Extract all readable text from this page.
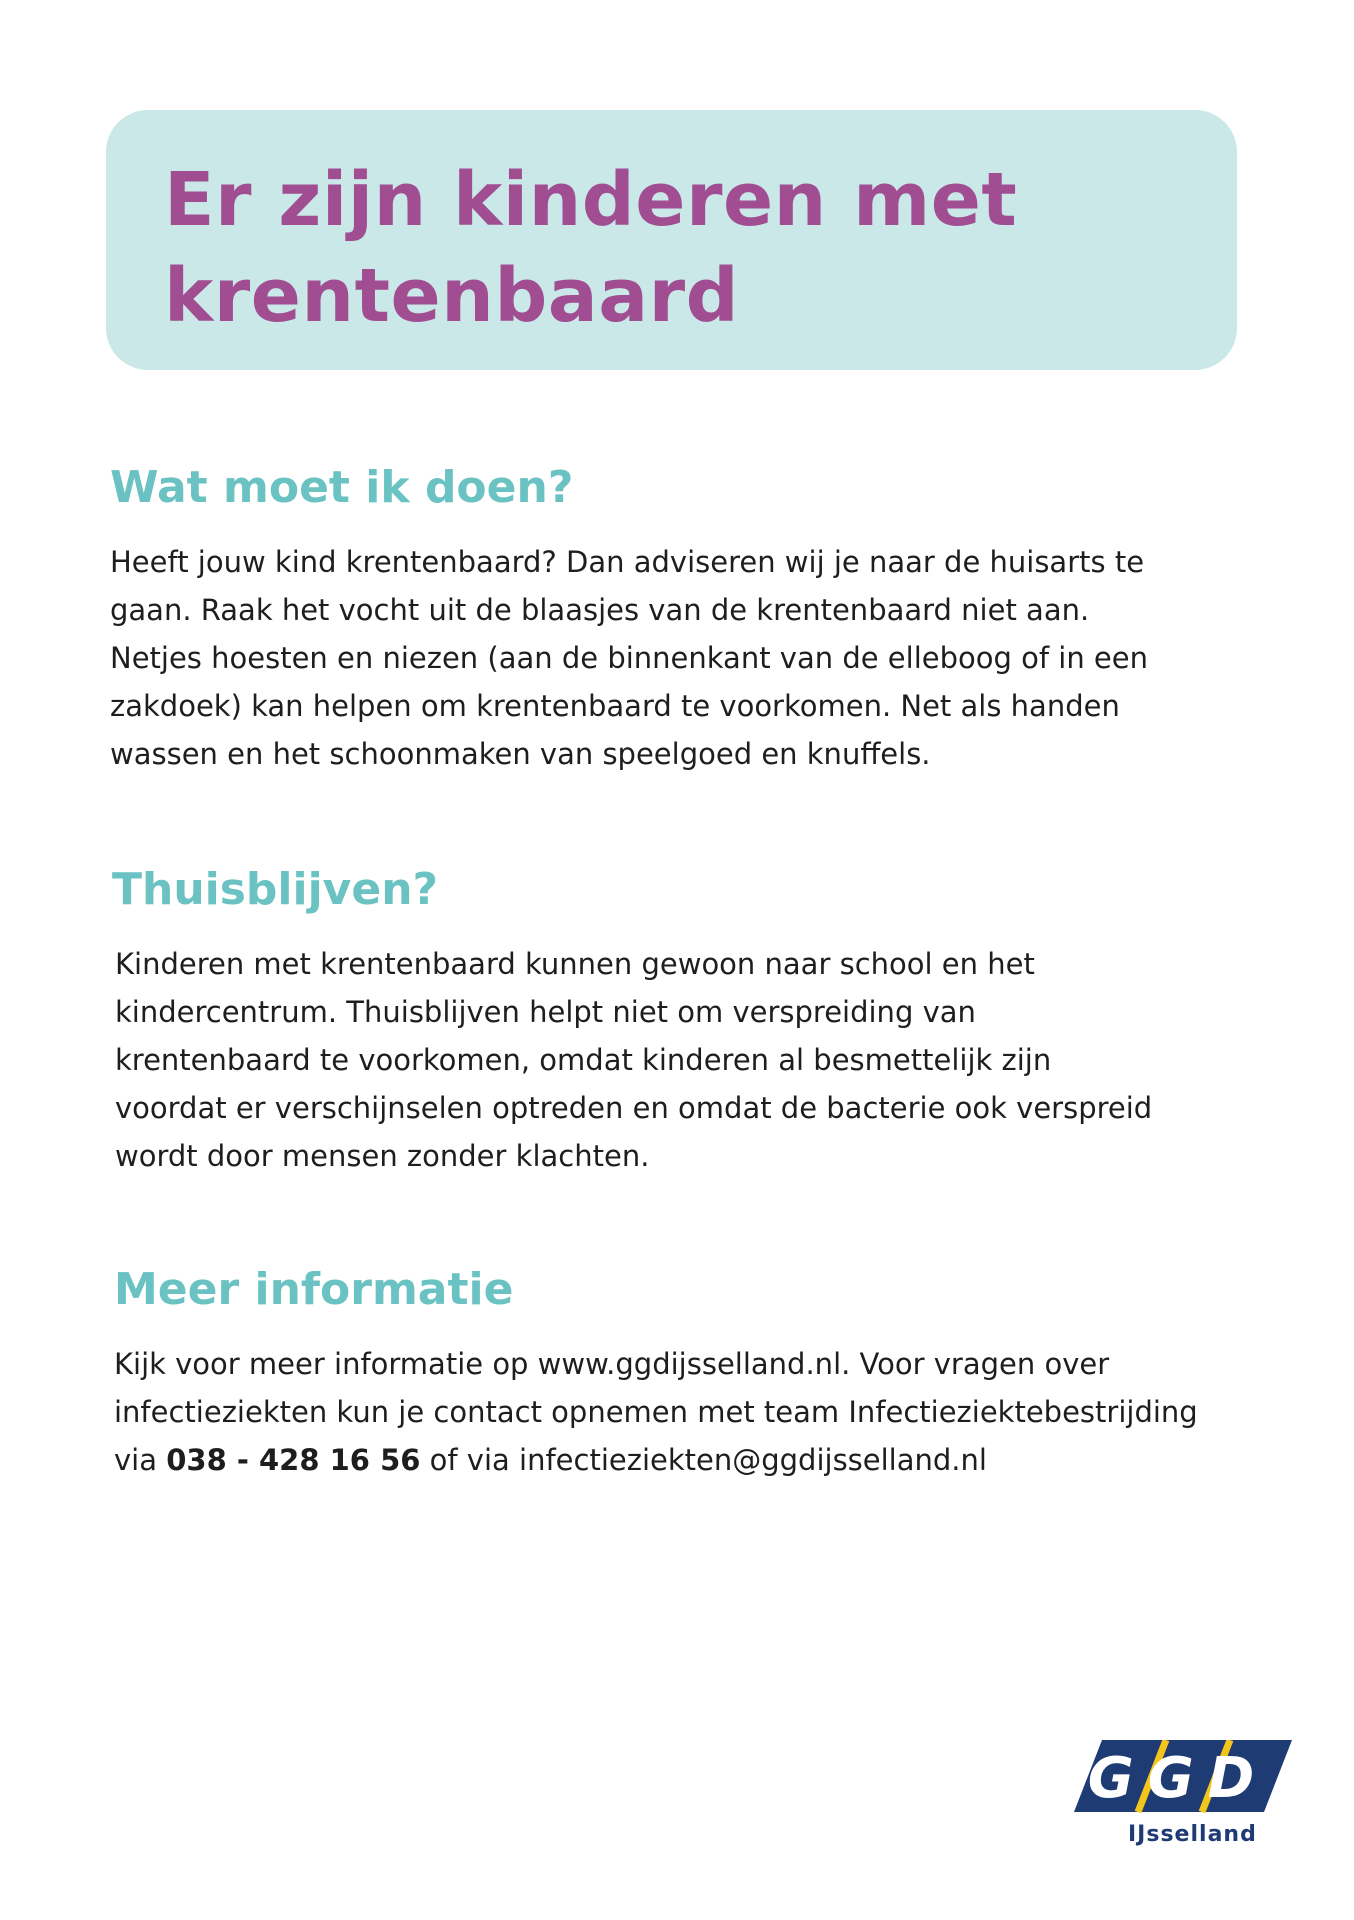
Er zijn kinderen met
krentenbaard
Wat moet ik doen?

Heeft jouw kind krentenbaard? Dan adviseren wij je naar de huisarts te
gaan. Raak het vocht uit de blaasjes van de krentenbaard niet aan.
Netjes hoesten en niezen (aan de binnenkant van de elleboog of in een
zakdoek) kan helpen om krentenbaard te voorkomen. Net als handen
wassen en het schoonmaken van speelgoed en knuffels.

Thuisblijven?

Kinderen met krentenbaard kunnen gewoon naar school en het
kindercentrum. Thuisblijven helpt niet om verspreiding van
krentenbaard te voorkomen, omdat kinderen al besmettelijk zijn
voordat er verschijnselen optreden en omdat de bacterie ook verspreid
wordt door mensen zonder klachten.

Meer informatie

Kijk voor meer informatie op www.ggdijsselland.nl. Voor vragen over
infectieziekten kun je contact opnemen met team Infectieziektebestrijding
via 038 - 428 16 56 of via infectieziekten@ggdijsselland.nl

GGD
IJsselland
